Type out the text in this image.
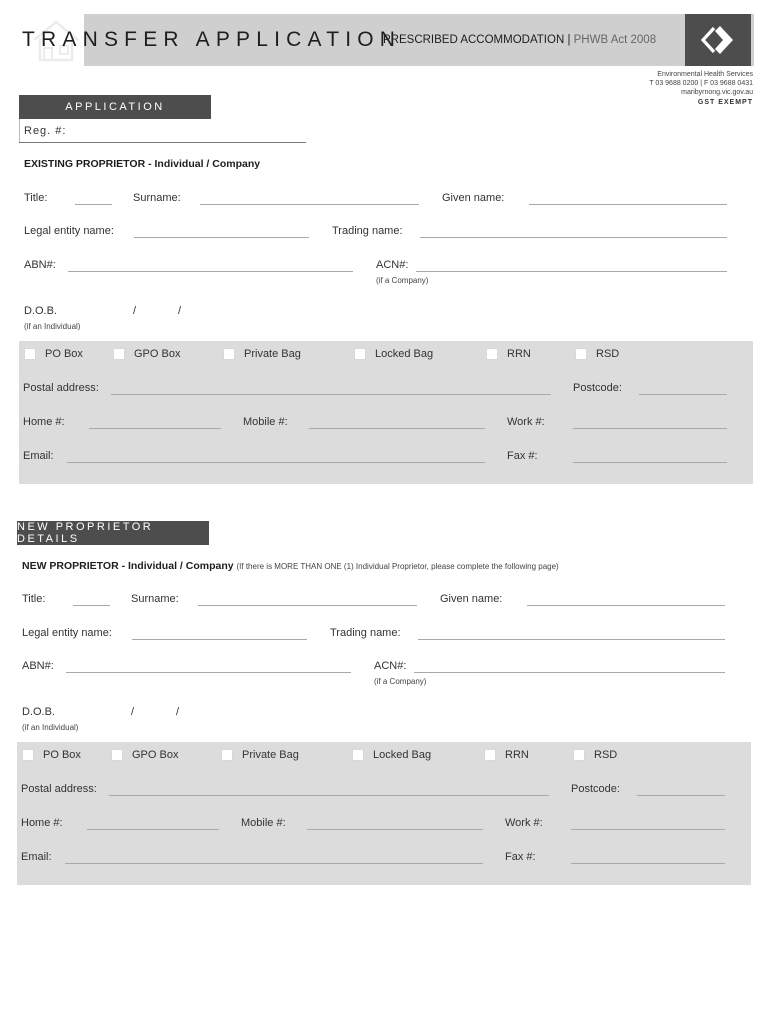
TRANSFER APPLICATION
PRESCRIBED ACCOMMODATION | PHWB Act 2008
Environmental Health Services
T 03 9688 0200 | F 03 9688 0431
maribyrnong.vic.gov.au
GST EXEMPT
APPLICATION
Reg. #:
EXISTING PROPRIETOR - Individual / Company
Title:	Surname:	Given name:
Legal entity name:	Trading name:
ABN#:	ACN#:
(if a Company)
D.O.B.	/	/
(if an Individual)
PO Box	GPO Box	Private Bag	Locked Bag	RRN	RSD
Postal address:	Postcode:
Home #:	Mobile #:	Work #:
Email:	Fax #:
NEW PROPRIETOR DETAILS
NEW PROPRIETOR - Individual / Company (If there is MORE THAN ONE (1) Individual Proprietor, please complete the following page)
Title:	Surname:	Given name:
Legal entity name:	Trading name:
ABN#:	ACN#:
(if a Company)
D.O.B.	/	/
(if an Individual)
PO Box	GPO Box	Private Bag	Locked Bag	RRN	RSD
Postal address:	Postcode:
Home #:	Mobile #:	Work #:
Email:	Fax #:
